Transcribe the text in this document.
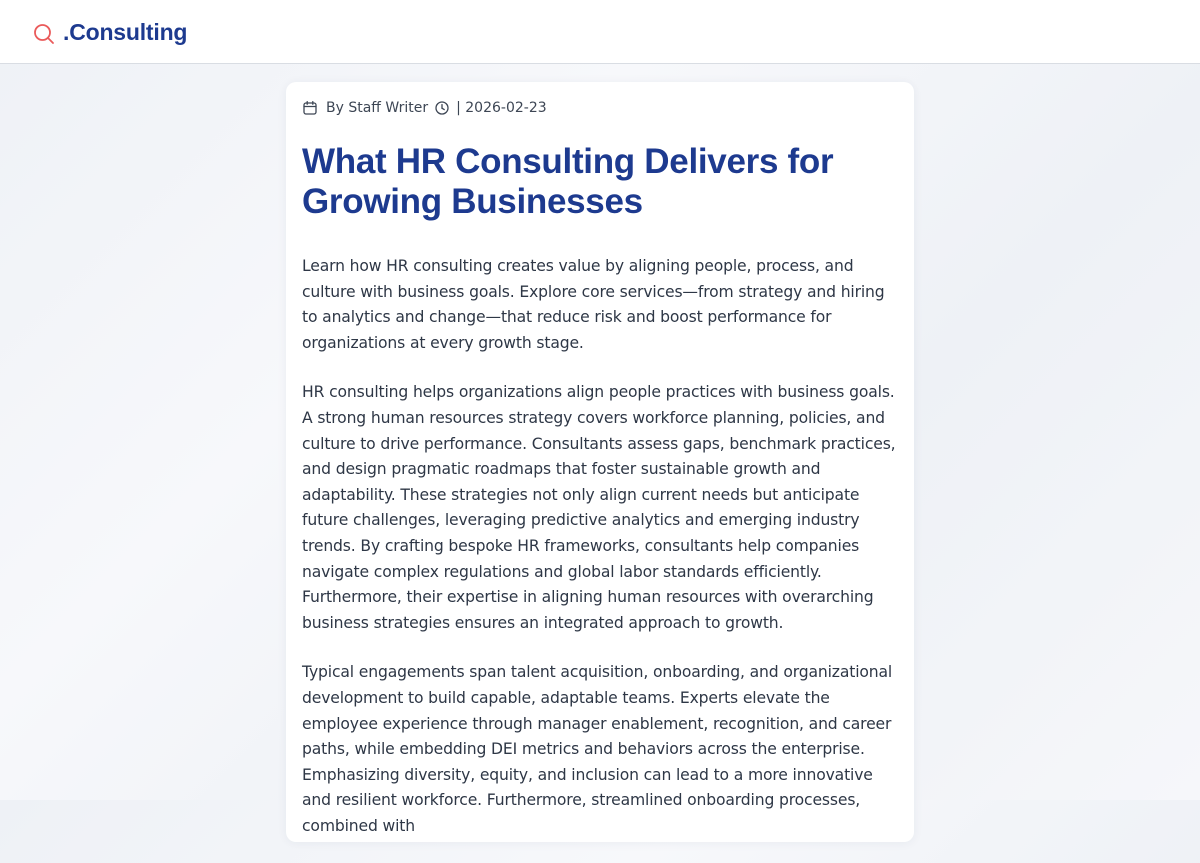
.Consulting
By Staff Writer | 2026-02-23
What HR Consulting Delivers for Growing Businesses

Learn how HR consulting creates value by aligning people, process, and culture with business goals. Explore core services—from strategy and hiring to analytics and change—that reduce risk and boost performance for organizations at every growth stage.

HR consulting helps organizations align people practices with business goals. A strong human resources strategy covers workforce planning, policies, and culture to drive performance. Consultants assess gaps, benchmark practices, and design pragmatic roadmaps that foster sustainable growth and adaptability. These strategies not only align current needs but anticipate future challenges, leveraging predictive analytics and emerging industry trends. By crafting bespoke HR frameworks, consultants help companies navigate complex regulations and global labor standards efficiently. Furthermore, their expertise in aligning human resources with overarching business strategies ensures an integrated approach to growth.

Typical engagements span talent acquisition, onboarding, and organizational development to build capable, adaptable teams. Experts elevate the employee experience through manager enablement, recognition, and career paths, while embedding DEI metrics and behaviors across the enterprise. Emphasizing diversity, equity, and inclusion can lead to a more innovative and resilient workforce. Furthermore, streamlined onboarding processes, combined with
